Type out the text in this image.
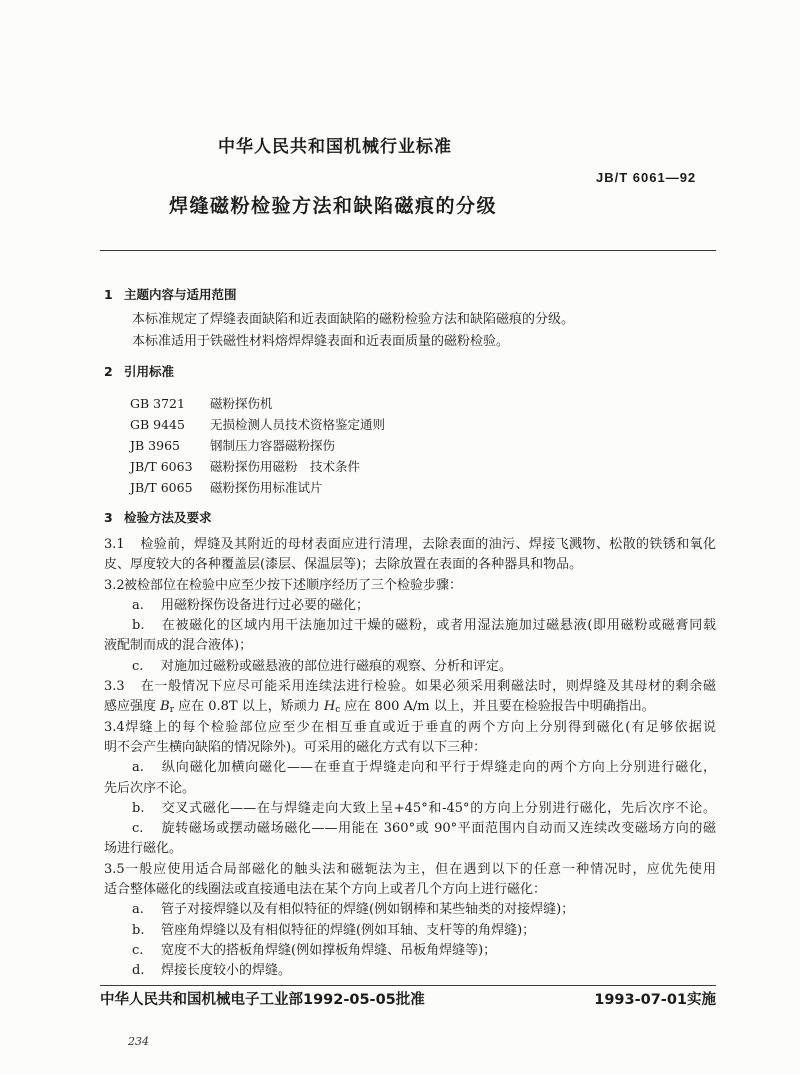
中华人民共和国机械行业标准
JB/T 6061—92
焊缝磁粉检验方法和缺陷磁痕的分级
1 主题内容与适用范围
本标准规定了焊缝表面缺陷和近表面缺陷的磁粉检验方法和缺陷磁痕的分级。
本标准适用于铁磁性材料熔焊焊缝表面和近表面质量的磁粉检验。
2 引用标准
GB 3721 磁粉探伤机
GB 9445 无损检测人员技术资格鉴定通则
JB 3965 钢制压力容器磁粉探伤
JB/T 6063 磁粉探伤用磁粉　技术条件
JB/T 6065 磁粉探伤用标准试片
3 检验方法及要求
3.1 检验前，焊缝及其附近的母材表面应进行清理，去除表面的油污、焊接飞溅物、松散的铁锈和氧化
皮、厚度较大的各种覆盖层(漆层、保温层等)；去除放置在表面的各种器具和物品。
3.2被检部位在检验中应至少按下述顺序经历了三个检验步骤：
a. 用磁粉探伤设备进行过必要的磁化；
b. 在被磁化的区域内用干法施加过干燥的磁粉，或者用湿法施加过磁悬液(即用磁粉或磁膏同载
液配制而成的混合液体)；
c. 对施加过磁粉或磁悬液的部位进行磁痕的观察、分析和评定。
3.3 在一般情况下应尽可能采用连续法进行检验。如果必须采用剩磁法时，则焊缝及其母材的剩余磁
感应强度 $B_r$ 应在 0.8T 以上，矫顽力 $H_c$ 应在 800 A/m 以上，并且要在检验报告中明确指出。
3.4焊缝上的每个检验部位应至少在相互垂直或近于垂直的两个方向上分别得到磁化(有足够依据说
明不会产生横向缺陷的情况除外)。可采用的磁化方式有以下三种：
a. 纵向磁化加横向磁化——在垂直于焊缝走向和平行于焊缝走向的两个方向上分别进行磁化，
先后次序不论。
b. 交叉式磁化——在与焊缝走向大致上呈+45°和-45°的方向上分别进行磁化，先后次序不论。
c. 旋转磁场或摆动磁场磁化——用能在 360°或 90°平面范围内自动而又连续改变磁场方向的磁
场进行磁化。
3.5一般应使用适合局部磁化的触头法和磁轭法为主，但在遇到以下的任意一种情况时，应优先使用
适合整体磁化的线圈法或直接通电法在某个方向上或者几个方向上进行磁化：
a. 管子对接焊缝以及有相似特征的焊缝(例如钢棒和某些轴类的对接焊缝)；
b. 管座角焊缝以及有相似特征的焊缝(例如耳轴、支杆等的角焊缝)；
c. 宽度不大的搭板角焊缝(例如撑板角焊缝、吊板角焊缝等)；
d. 焊接长度较小的焊缝。
中华人民共和国机械电子工业部1992-05-05批准	1993-07-01实施
234
